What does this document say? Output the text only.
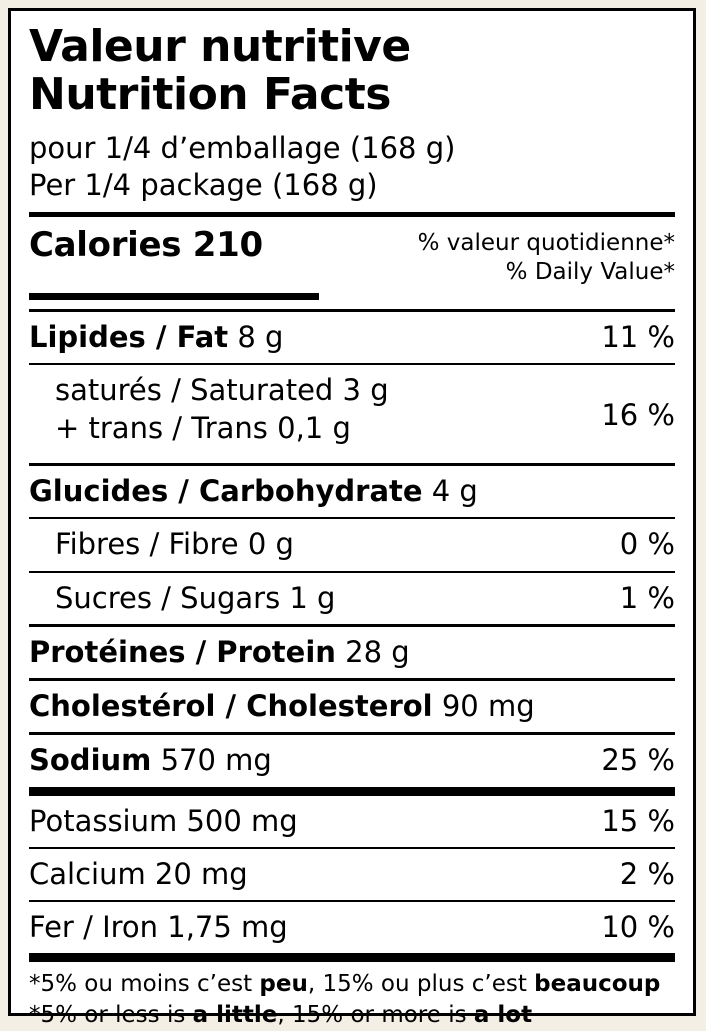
Valeur nutritive
Nutrition Facts
pour 1/4 d’emballage (168 g)
Per 1/4 package (168 g)
Calories 210	% valeur quotidienne*
% Daily Value*
Lipides / Fat 8 g	11 %
saturés / Saturated 3 g
+ trans / Trans 0,1 g	16 %
Glucides / Carbohydrate 4 g
Fibres / Fibre 0 g	0 %
Sucres / Sugars 1 g	1 %
Protéines / Protein 28 g
Cholestérol / Cholesterol 90 mg
Sodium 570 mg	25 %
Potassium 500 mg	15 %
Calcium 20 mg	2 %
Fer / Iron 1,75 mg	10 %
*5% ou moins c’est peu, 15% ou plus c’est beaucoup
*5% or less is a little, 15% or more is a lot
